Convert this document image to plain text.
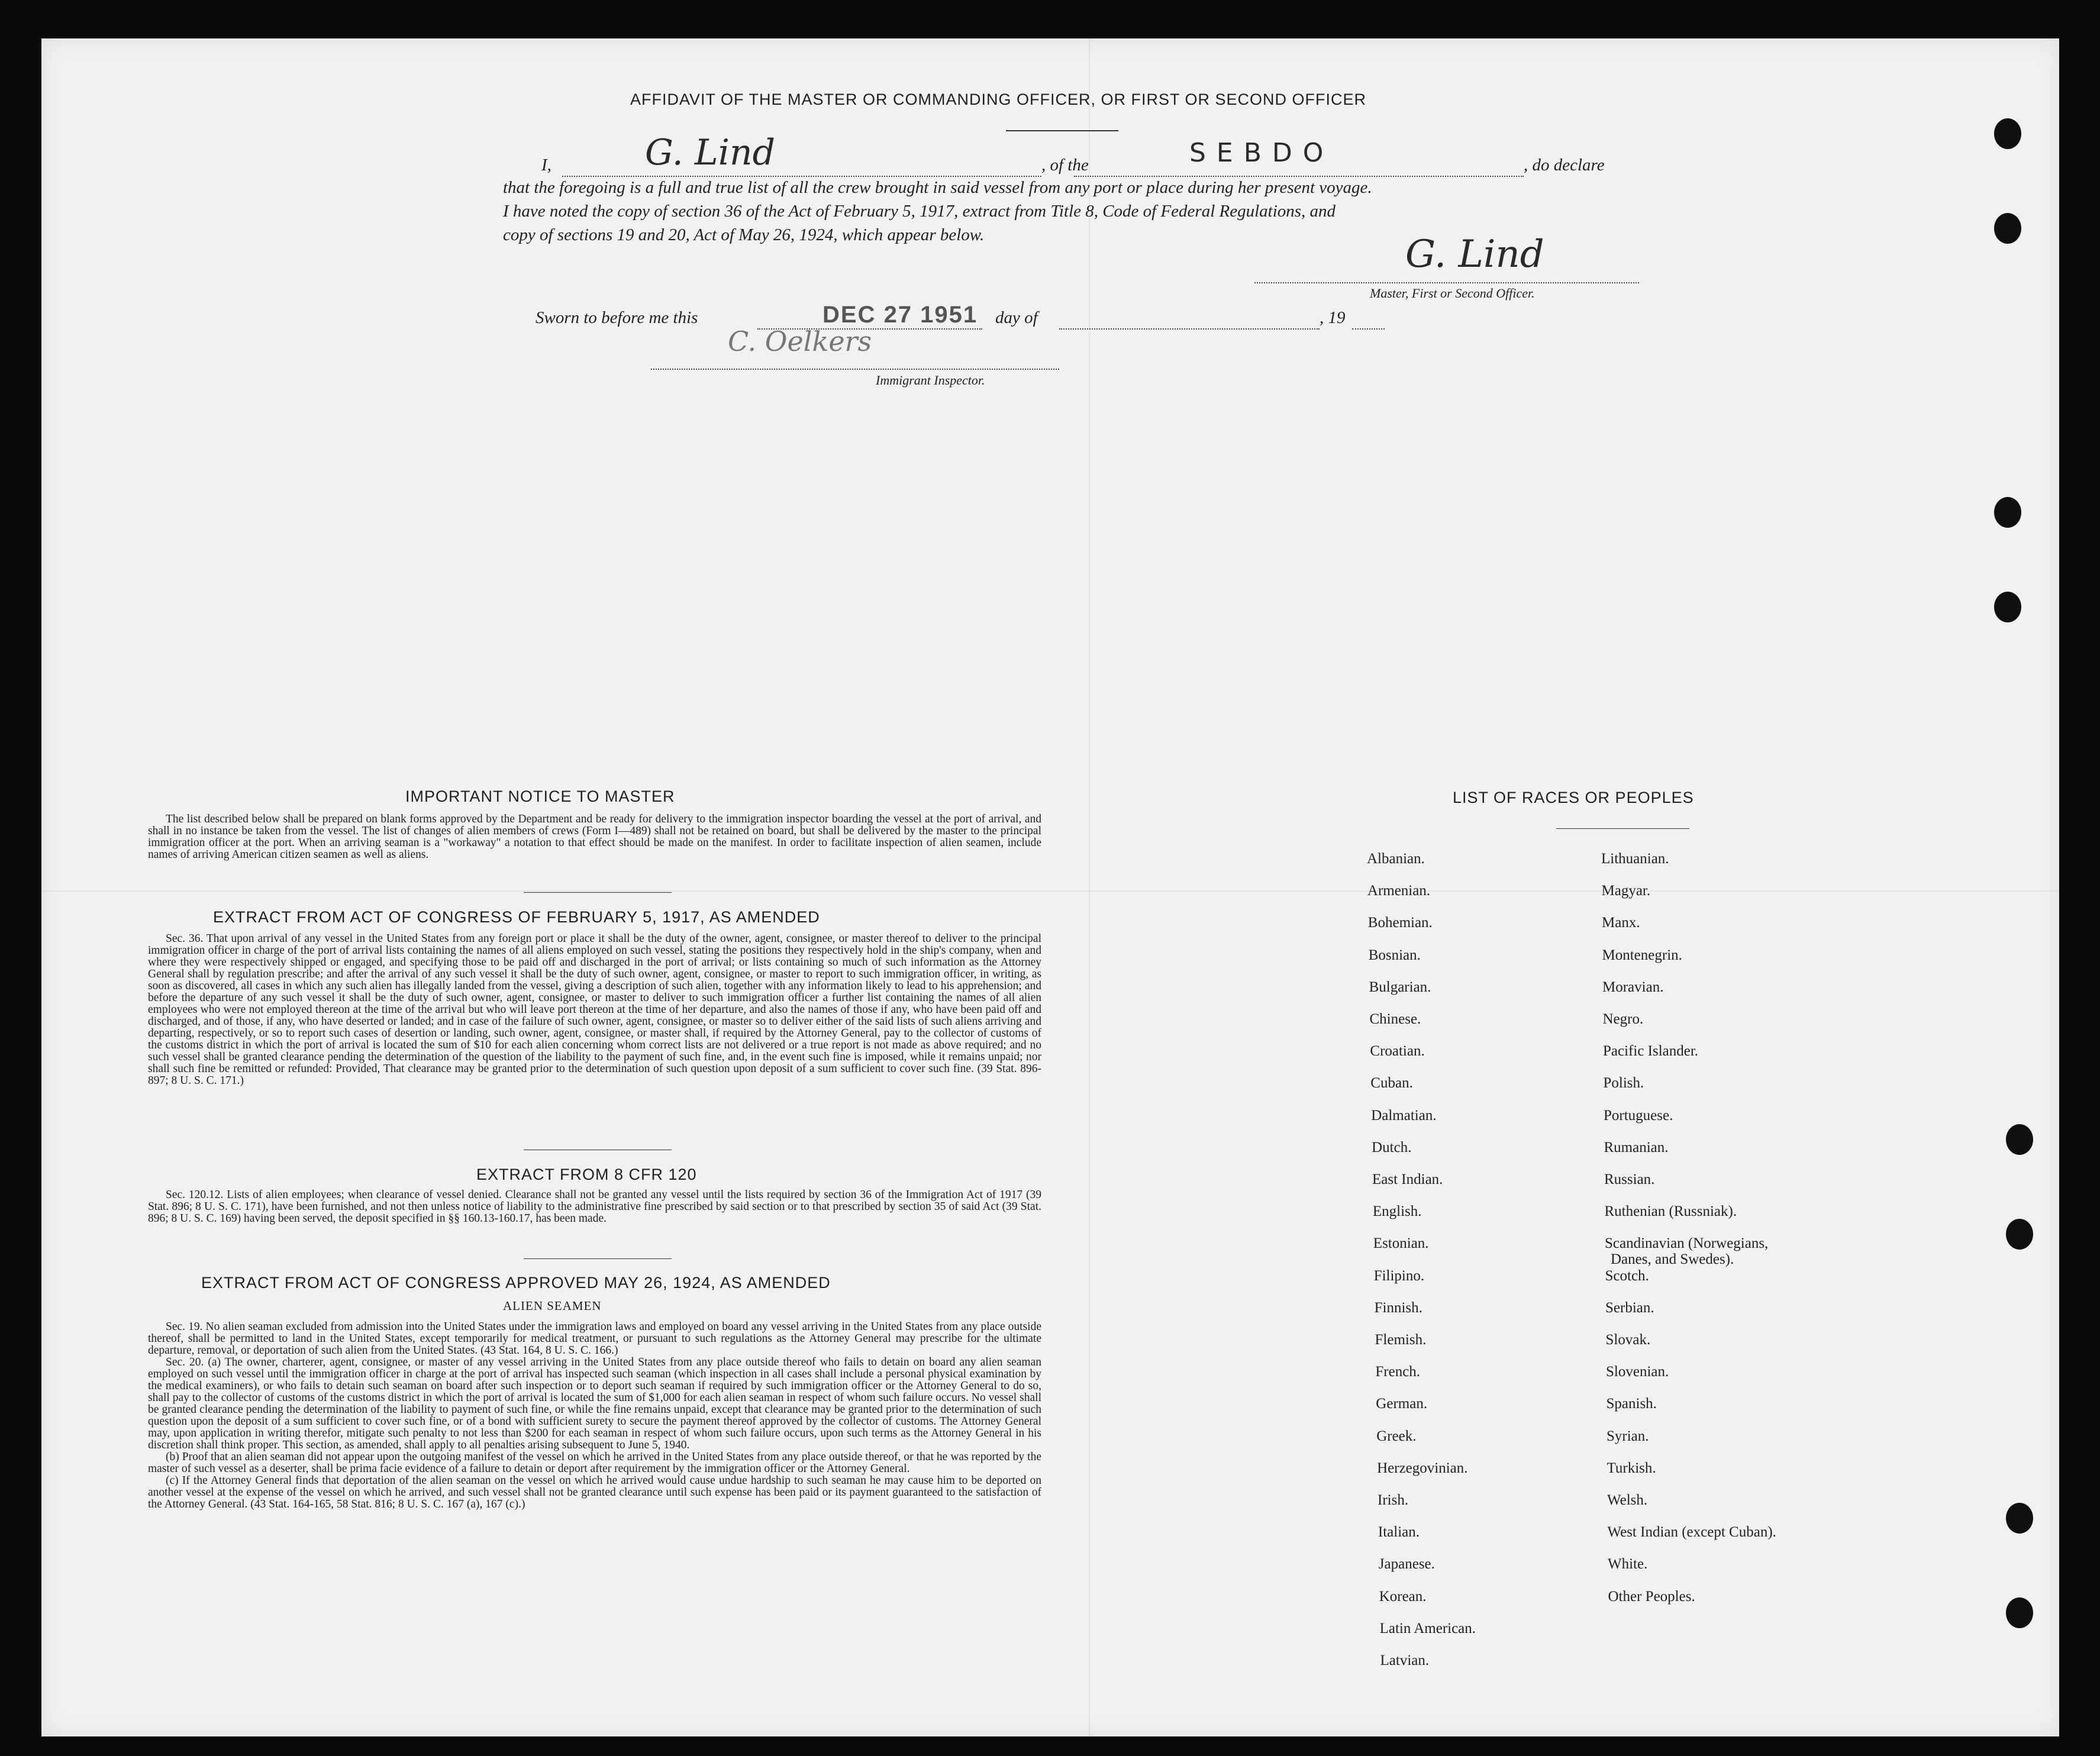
AFFIDAVIT OF THE MASTER OR COMMANDING OFFICER, OR FIRST OR SECOND OFFICER
I,	G. Lind	, of the	SEBDO	, do declare
that the foregoing is a full and true list of all the crew brought in said vessel from any port or place during her present voyage.
I have noted the copy of section 36 of the Act of February 5, 1917, extract from Title 8, Code of Federal Regulations, and
copy of sections 19 and 20, Act of May 26, 1924, which appear below.	G. Lind
Master, First or Second Officer.
Sworn to before me this	DEC 27 1951 day of	, 19
C. Oelkers
Immigrant Inspector.
IMPORTANT NOTICE TO MASTER

The list described below shall be prepared on blank forms approved by the Department and be ready for delivery to the immigration inspector boarding the vessel at the port of arrival, and shall in no instance be taken from the vessel. The list of changes of alien members of crews (Form I—489) shall not be retained on board, but shall be delivered by the master to the principal immigration officer at the port. When an arriving seaman is a "workaway" a notation to that effect should be made on the manifest. In order to facilitate inspection of alien seamen, include names of arriving American citizen seamen as well as aliens.

EXTRACT FROM ACT OF CONGRESS OF FEBRUARY 5, 1917, AS AMENDED

Sec. 36. That upon arrival of any vessel in the United States from any foreign port or place it shall be the duty of the owner, agent, consignee, or master thereof to deliver to the principal immigration officer in charge of the port of arrival lists containing the names of all aliens employed on such vessel, stating the positions they respectively hold in the ship's company, when and where they were respectively shipped or engaged, and specifying those to be paid off and discharged in the port of arrival; or lists containing so much of such information as the Attorney General shall by regulation prescribe; and after the arrival of any such vessel it shall be the duty of such owner, agent, consignee, or master to report to such immigration officer, in writing, as soon as discovered, all cases in which any such alien has illegally landed from the vessel, giving a description of such alien, together with any information likely to lead to his apprehension; and before the departure of any such vessel it shall be the duty of such owner, agent, consignee, or master to deliver to such immigration officer a further list containing the names of all alien employees who were not employed thereon at the time of the arrival but who will leave port thereon at the time of her departure, and also the names of those if any, who have been paid off and discharged, and of those, if any, who have deserted or landed; and in case of the failure of such owner, agent, consignee, or master so to deliver either of the said lists of such aliens arriving and departing, respectively, or so to report such cases of desertion or landing, such owner, agent, consignee, or master shall, if required by the Attorney General, pay to the collector of customs of the customs district in which the port of arrival is located the sum of $10 for each alien concerning whom correct lists are not delivered or a true report is not made as above required; and no such vessel shall be granted clearance pending the determination of the question of the liability to the payment of such fine, and, in the event such fine is imposed, while it remains unpaid; nor shall such fine be remitted or refunded: Provided, That clearance may be granted prior to the determination of such question upon deposit of a sum sufficient to cover such fine. (39 Stat. 896-897; 8 U. S. C. 171.)

EXTRACT FROM 8 CFR 120

Sec. 120.12. Lists of alien employees; when clearance of vessel denied. Clearance shall not be granted any vessel until the lists required by section 36 of the Immigration Act of 1917 (39 Stat. 896; 8 U. S. C. 171), have been furnished, and not then unless notice of liability to the administrative fine prescribed by said section or to that prescribed by section 35 of said Act (39 Stat. 896; 8 U. S. C. 169) having been served, the deposit specified in §§ 160.13-160.17, has been made.

EXTRACT FROM ACT OF CONGRESS APPROVED MAY 26, 1924, AS AMENDED
ALIEN SEAMEN

Sec. 19. No alien seaman excluded from admission into the United States under the immigration laws and employed on board any vessel arriving in the United States from any place outside thereof, shall be permitted to land in the United States, except temporarily for medical treatment, or pursuant to such regulations as the Attorney General may prescribe for the ultimate departure, removal, or deportation of such alien from the United States. (43 Stat. 164, 8 U. S. C. 166.)

Sec. 20. (a) The owner, charterer, agent, consignee, or master of any vessel arriving in the United States from any place outside thereof who fails to detain on board any alien seaman employed on such vessel until the immigration officer in charge at the port of arrival has inspected such seaman (which inspection in all cases shall include a personal physical examination by the medical examiners), or who fails to detain such seaman on board after such inspection or to deport such seaman if required by such immigration officer or the Attorney General to do so, shall pay to the collector of customs of the customs district in which the port of arrival is located the sum of $1,000 for each alien seaman in respect of whom such failure occurs. No vessel shall be granted clearance pending the determination of the liability to payment of such fine, or while the fine remains unpaid, except that clearance may be granted prior to the determination of such question upon the deposit of a sum sufficient to cover such fine, or of a bond with sufficient surety to secure the payment thereof approved by the collector of customs. The Attorney General may, upon application in writing therefor, mitigate such penalty to not less than $200 for each seaman in respect of whom such failure occurs, upon such terms as the Attorney General in his discretion shall think proper. This section, as amended, shall apply to all penalties arising subsequent to June 5, 1940.

(b) Proof that an alien seaman did not appear upon the outgoing manifest of the vessel on which he arrived in the United States from any place outside thereof, or that he was reported by the master of such vessel as a deserter, shall be prima facie evidence of a failure to detain or deport after requirement by the immigration officer or the Attorney General.

(c) If the Attorney General finds that deportation of the alien seaman on the vessel on which he arrived would cause undue hardship to such seaman he may cause him to be deported on another vessel at the expense of the vessel on which he arrived, and such vessel shall not be granted clearance until such expense has been paid or its payment guaranteed to the satisfaction of the Attorney General. (43 Stat. 164-165, 58 Stat. 816; 8 U. S. C. 167 (a), 167 (c).)

LIST OF RACES OR PEOPLES
Albanian.
Armenian.
Bohemian.
Bosnian.
Bulgarian.
Chinese.
Croatian.
Cuban.
Dalmatian.
Dutch.
East Indian.
English.
Estonian.
Filipino.
Finnish.
Flemish.
French.
German.
Greek.
Herzegovinian.
Irish.
Italian.
Japanese.
Korean.
Latin American.
Latvian.
Lithuanian.
Magyar.
Manx.
Montenegrin.
Moravian.
Negro.
Pacific Islander.
Polish.
Portuguese.
Rumanian.
Russian.
Ruthenian (Russniak).
Scandinavian (Norwegians,
Danes, and Swedes).
Scotch.
Serbian.
Slovak.
Slovenian.
Spanish.
Syrian.
Turkish.
Welsh.
West Indian (except Cuban).
White.
Other Peoples.
